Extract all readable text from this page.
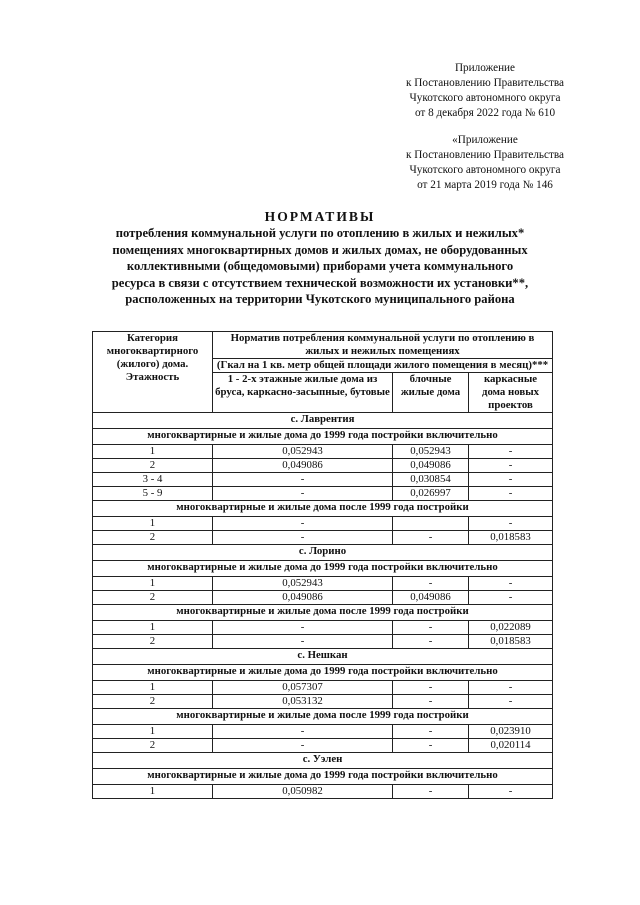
Приложение
к Постановлению Правительства
Чукотского автономного округа
от 8 декабря 2022 года № 610
«Приложение
к Постановлению Правительства
Чукотского автономного округа
от 21 марта 2019 года № 146
НОРМАТИВЫ
потребления коммунальной услуги по отоплению в жилых и нежилых*
помещениях многоквартирных домов и жилых домах, не оборудованных
коллективными (общедомовыми) приборами учета коммунального
ресурса в связи с отсутствием технической возможности их установки**,
расположенных на территории Чукотского муниципального района
Категория многоквартирного (жилого) дома. Этажность	Норматив потребления коммунальной услуги по отоплению в жилых и нежилых помещениях		
	(Гкал на 1 кв. метр общей площади жилого помещения в месяц)***		
	1 - 2-х этажные жилые дома из бруса, каркасно-засыпные, бутовые	блочные жилые дома	каркасные дома новых проектов
с. Лаврентия			
многоквартирные и жилые дома до 1999 года постройки включительно			
1	0,052943	0,052943	-
2	0,049086	0,049086	-
3 - 4	-	0,030854	-
5 - 9	-	0,026997	-
многоквартирные и жилые дома после 1999 года постройки			
1	-		-
2	-	-	0,018583
с. Лорино			
многоквартирные и жилые дома до 1999 года постройки включительно			
1	0,052943	-	-
2	0,049086	0,049086	-
многоквартирные и жилые дома после 1999 года постройки			
1	-	-	0,022089
2	-	-	0,018583
с. Нешкан			
многоквартирные и жилые дома до 1999 года постройки включительно			
1	0,057307	-	-
2	0,053132	-	-
многоквартирные и жилые дома после 1999 года постройки			
1	-	-	0,023910
2	-	-	0,020114
с. Уэлен			
многоквартирные и жилые дома до 1999 года постройки включительно			
1	0,050982	-	-
